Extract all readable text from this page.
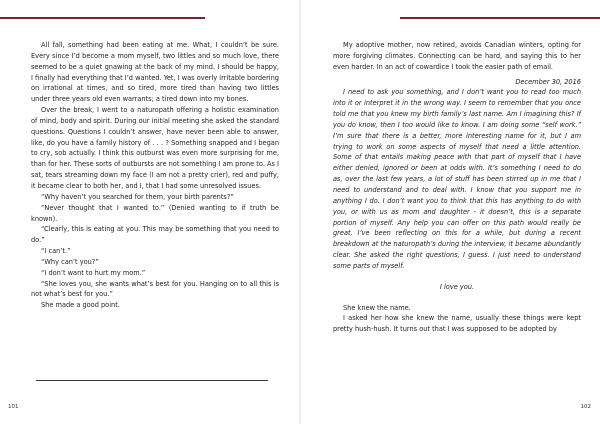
All fall, something had been eating at me. What, I couldn’t be sure. Every since I’d become a mom myself, two littles and so much love, there seemed to be a quiet gnawing at the back of my mind. I should be happy, I finally had everything that I’d wanted. Yet, I was overly irritable bordering on irrational at times, and so tired, more tired than having two littles under three years old even warrants; a tired down into my bones.

Over the break, I went to a naturopath offering a holistic examination of mind, body and spirit. During our initial meeting she asked the standard questions. Questions I couldn’t answer, have never been able to answer, like, do you have a family history of . . . ? Something snapped and I began to cry, sob actually. I think this outburst was even more surprising for me, than for her. These sorts of outbursts are not something I am prone to. As I sat, tears streaming down my face (I am not a pretty crier), red and puffy, it became clear to both her, and I, that I had some unresolved issues.

“Why haven’t you searched for them, your birth parents?”

“Never thought that I wanted to.” (Denied wanting to if truth be known).

“Clearly, this is eating at you. This may be something that you need to do.”

“I can’t.”

“Why can’t you?”

“I don’t want to hurt my mom.”

“She loves you, she wants what’s best for you. Hanging on to all this is not what’s best for you.”

She made a good point.

101

My adoptive mother, now retired, avoids Canadian winters, opting for more forgiving climates. Connecting can be hard, and saying this to her even harder. In an act of cowardice I took the easier path of email.

December 30, 2016

I need to ask you something, and I don’t want you to read too much into it or interpret it in the wrong way. I seem to remember that you once told me that you knew my birth family’s last name. Am I imagining this? If you do know, then I too would like to know. I am doing some “self work.” I’m sure that there is a better, more interesting name for it, but I am trying to work on some aspects of myself that need a little attention. Some of that entails making peace with that part of myself that I have either denied, ignored or been at odds with. It’s something I need to do as, over the last few years, a lot of stuff has been stirred up in me that I need to understand and to deal with. I know that you support me in anything I do. I don’t want you to think that this has anything to do with you, or with us as mom and daughter - it doesn’t, this is a separate portion of myself. Any help you can offer on this path would really be great. I’ve been reflecting on this for a while, but during a recent breakdown at the naturopath’s during the interview, it became abundantly clear. She asked the right questions, I guess. I just need to understand some parts of myself.

I love you.

She knew the name.

I asked her how she knew the name, usually these things were kept pretty hush-hush. It turns out that I was supposed to be adopted by

102
